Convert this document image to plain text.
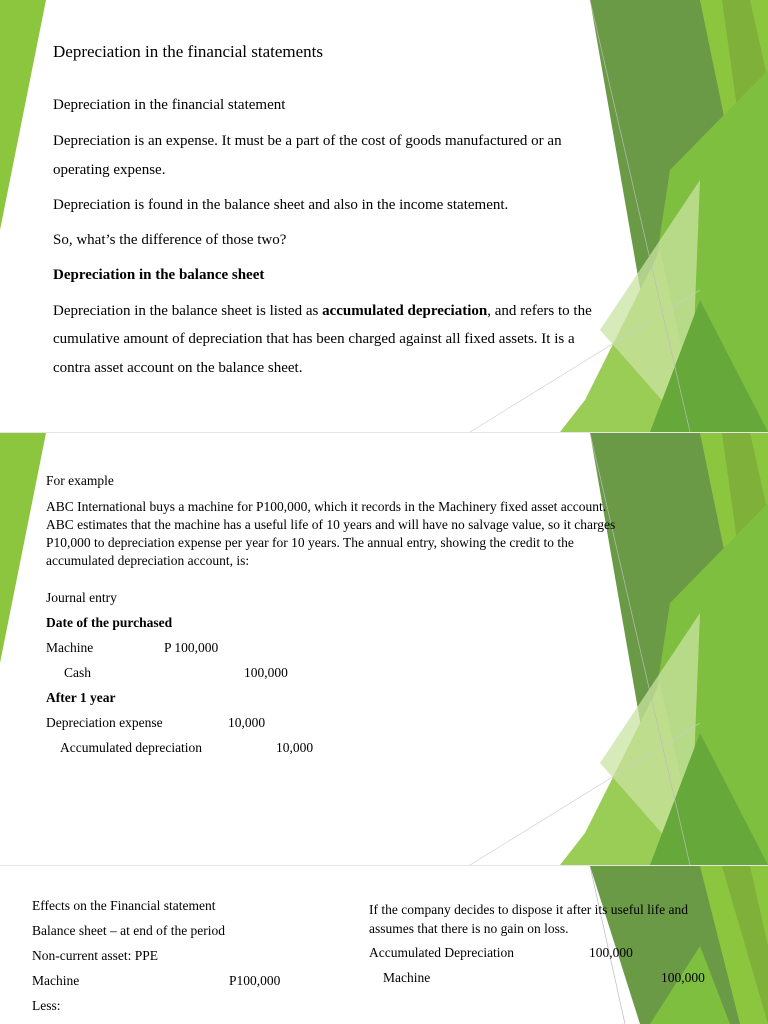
Depreciation in the financial statements
Depreciation in the financial statement
Depreciation is an expense. It must be a part of the cost of goods manufactured or an
operating expense.
Depreciation is found in the balance sheet and also in the income statement.
So, what’s the difference of those two?
Depreciation in the balance sheet
Depreciation in the balance sheet is listed as accumulated depreciation, and refers to the
cumulative amount of depreciation that has been charged against all fixed assets. It is a
contra asset account on the balance sheet.
For example
ABC International buys a machine for P100,000, which it records in the Machinery fixed asset account.
ABC estimates that the machine has a useful life of 10 years and will have no salvage value, so it charges
P10,000 to depreciation expense per year for 10 years. The annual entry, showing the credit to the
accumulated depreciation account, is:
Journal entry
Date of the purchased
Machine	P 100,000
Cash	100,000
After 1 year
Depreciation expense	10,000
Accumulated depreciation	10,000
Effects on the Financial statement
Balance sheet – at end of the period
Non-current asset: PPE
Machine	P100,000
Less:
If the company decides to dispose it after its useful life and
assumes that there is no gain on loss.
Accumulated Depreciation	100,000
Machine	100,000
